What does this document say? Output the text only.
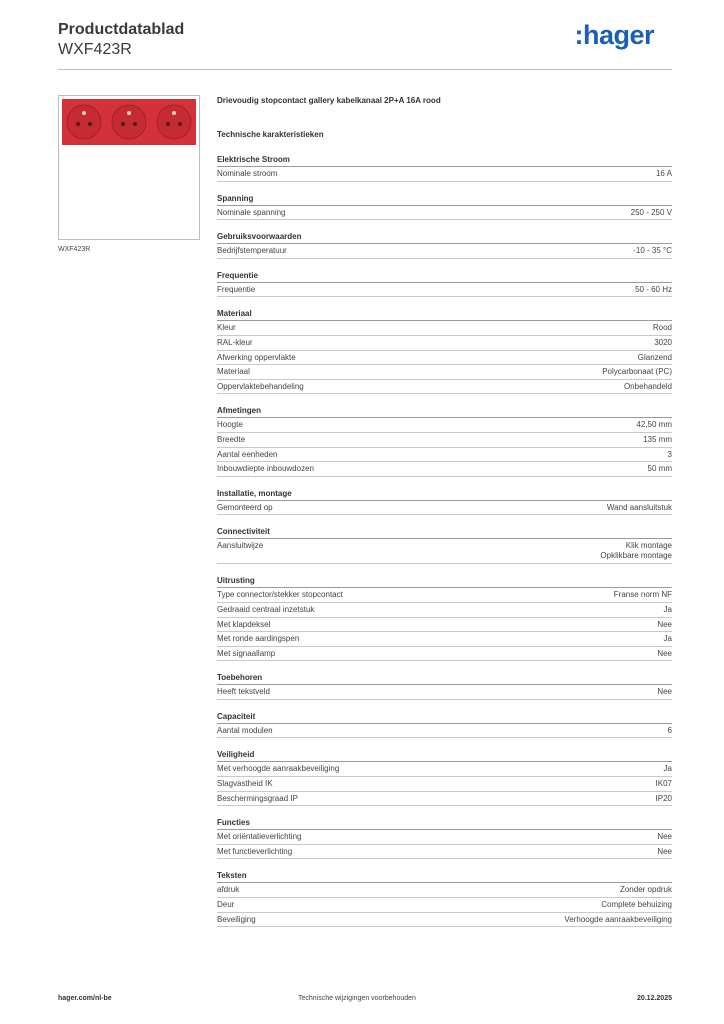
Productdatablad
WXF423R	:hager
WXF423R
Drievoudig stopcontact gallery kabelkanaal 2P+A 16A rood
Technische karakteristieken
Elektrische Stroom
Nominale stroom	16 A
Spanning
Nominale spanning	250 - 250 V
Gebruiksvoorwaarden
Bedrijfstemperatuur	-10 - 35 °C
Frequentie
Frequentie	50 - 60 Hz
Materiaal
Kleur	Rood
RAL-kleur	3020
Afwerking oppervlakte	Glanzend
Materiaal	Polycarbonaat (PC)
Oppervlaktebehandeling	Onbehandeld
Afmetingen
Hoogte	42,50 mm
Breedte	135 mm
Aantal eenheden	3
Inbouwdiepte inbouwdozen	50 mm
Installatie, montage
Gemonteerd op	Wand aansluitstuk
Connectiviteit
Aansluitwijze	Klik montage
Opklikbare montage
Uitrusting
Type connector/stekker stopcontact	Franse norm NF
Gedraaid centraal inzetstuk	Ja
Met klapdeksel	Nee
Met ronde aardingspen	Ja
Met signaallamp	Nee
Toebehoren
Heeft tekstveld	Nee
Capaciteit
Aantal modulen	6
Veiligheid
Met verhoogde aanraakbeveiliging	Ja
Slagvastheid IK	IK07
Beschermingsgraad IP	IP20
Functies
Met oriëntatieverlichting	Nee
Met functieverlichting	Nee
Teksten
afdruk	Zonder opdruk
Deur	Complete behuizing
Beveiliging	Verhoogde aanraakbeveiliging
hager.com/nl-be	Technische wijzigingen voorbehouden	20.12.2025
